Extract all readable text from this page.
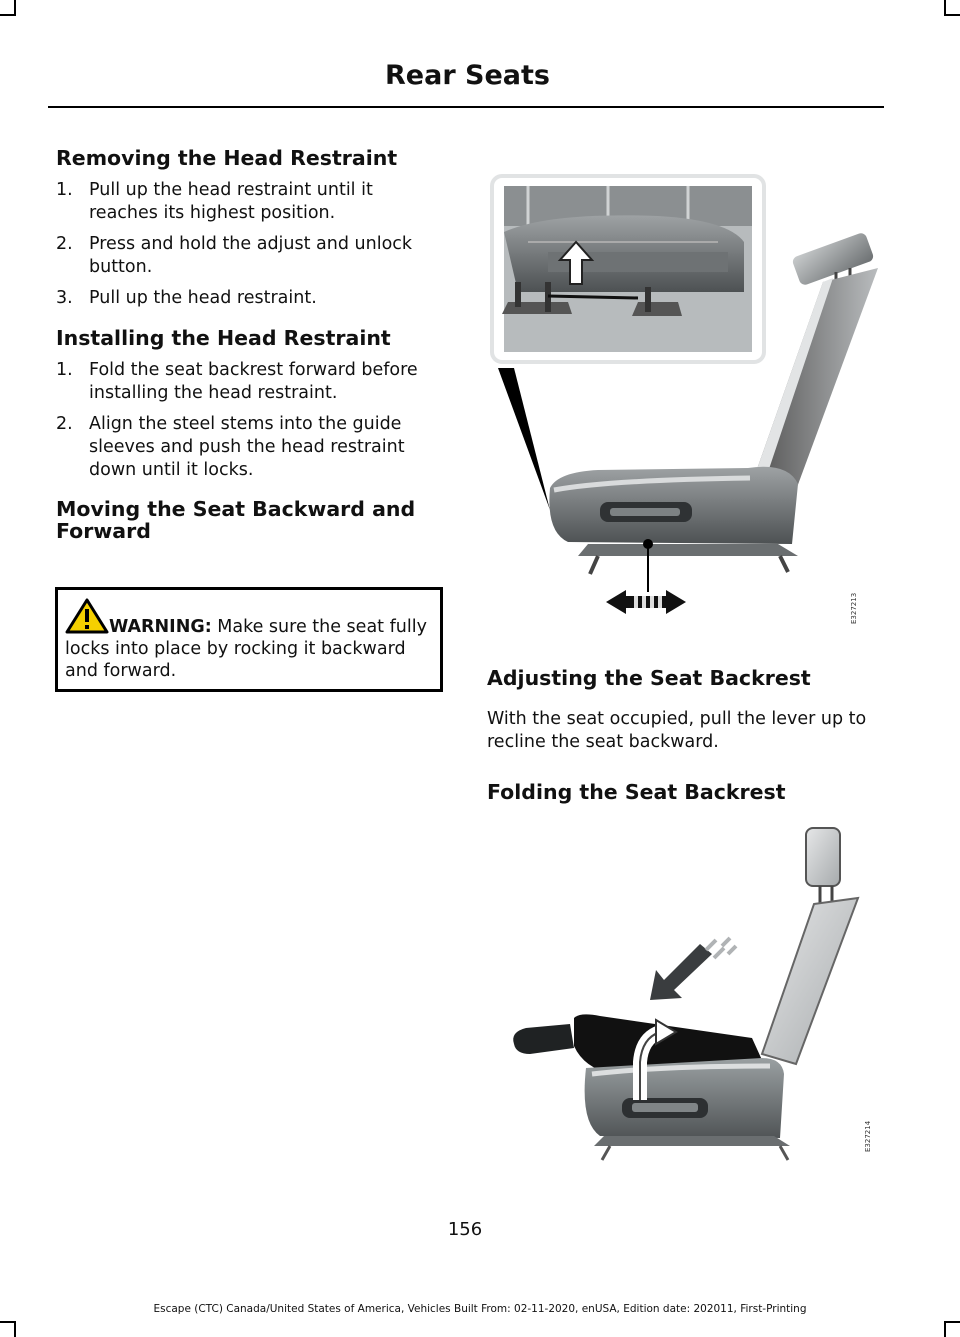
Rear Seats
Removing the Head Restraint
1. Pull up the head restraint until it reaches its highest position.
2. Press and hold the adjust and unlock button.
3. Pull up the head restraint.
Installing the Head Restraint
1. Fold the seat backrest forward before installing the head restraint.
2. Align the steel stems into the guide sleeves and push the head restraint down until it locks.
Moving the Seat Backward and Forward
WARNING: Make sure the seat fully locks into place by rocking it backward and forward.
E327213
Adjusting the Seat Backrest
With the seat occupied, pull the lever up to recline the seat backward.
Folding the Seat Backrest
E327214
156
Escape (CTC) Canada/United States of America, Vehicles Built From: 02-11-2020, enUSA, Edition date: 202011, First-Printing
